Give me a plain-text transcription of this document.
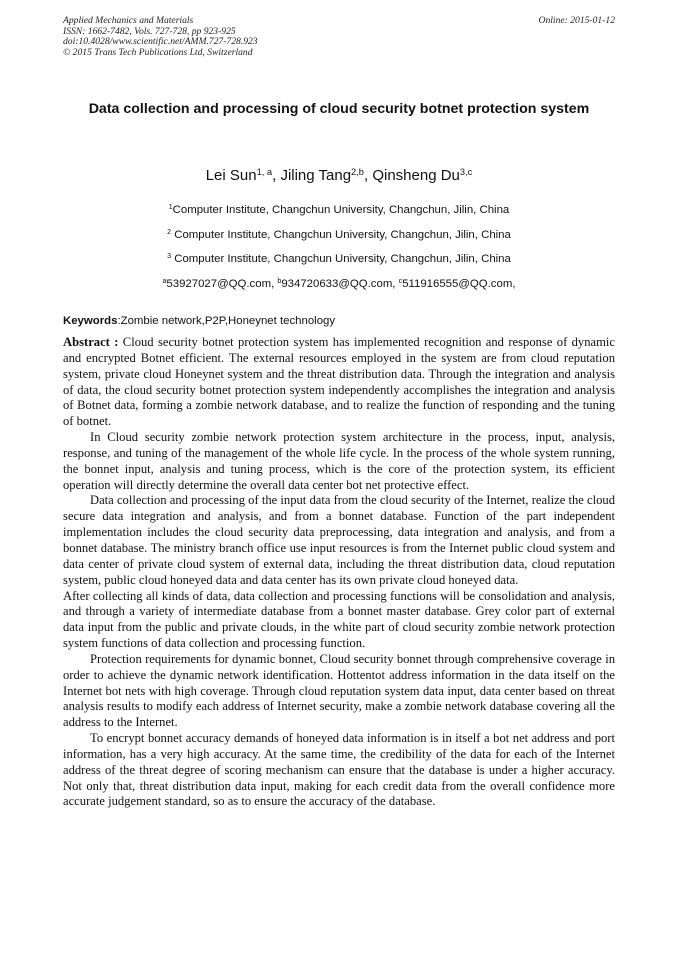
Applied Mechanics and Materials	Online: 2015-01-12
ISSN: 1662-7482, Vols. 727-728, pp 923-925
doi:10.4028/www.scientific.net/AMM.727-728.923
© 2015 Trans Tech Publications Ltd, Switzerland
Data collection and processing of cloud security botnet protection system
Lei Sun$^{1, a}$, Jiling Tang$^{2,b}$, Qinsheng Du$^{3,c}$
$^1$Computer Institute, Changchun University, Changchun, Jilin, China
$^2$ Computer Institute, Changchun University, Changchun, Jilin, China
$^3$ Computer Institute, Changchun University, Changchun, Jilin, China
$^a$53927027@QQ.com, $^b$934720633@QQ.com, $^c$511916555@QQ.com,
Keywords:Zombie network,P2P,Honeynet technology

Abstract : Cloud security botnet protection system has implemented recognition and response of dynamic and encrypted Botnet efficient. The external resources employed in the system are from cloud reputation system, private cloud Honeynet system and the threat distribution data. Through the integration and analysis of data, the cloud security botnet protection system independently accomplishes the integration and analysis of Botnet data, forming a zombie network database, and to realize the function of responding and the tuning of botnet.

In Cloud security zombie network protection system architecture in the process, input, analysis, response, and tuning of the management of the whole life cycle. In the process of the whole system running, the bonnet input, analysis and tuning process, which is the core of the protection system, its efficient operation will directly determine the overall data center bot net protective effect.

Data collection and processing of the input data from the cloud security of the Internet, realize the cloud secure data integration and analysis, and from a bonnet database. Function of the part independent implementation includes the cloud security data preprocessing, data integration and analysis, and from a bonnet database. The ministry branch office use input resources is from the Internet public cloud system and data center of private cloud system of external data, including the threat distribution data, cloud reputation system, public cloud honeyed data and data center has its own private cloud honeyed data.

After collecting all kinds of data, data collection and processing functions will be consolidation and analysis, and through a variety of intermediate database from a bonnet master database. Grey color part of external data input from the public and private clouds, in the white part of cloud security zombie network protection system functions of data collection and processing function.

Protection requirements for dynamic bonnet, Cloud security bonnet through comprehensive coverage in order to achieve the dynamic network identification. Hottentot address information in the data itself on the Internet bot nets with high coverage. Through cloud reputation system data input, data center based on threat analysis results to modify each address of Internet security, make a zombie network database covering all the address to the Internet.

To encrypt bonnet accuracy demands of honeyed data information is in itself a bot net address and port information, has a very high accuracy. At the same time, the credibility of the data for each of the Internet address of the threat degree of scoring mechanism can ensure that the database is under a higher accuracy. Not only that, threat distribution data input, making for each credit data from the overall confidence more accurate judgement standard, so as to ensure the accuracy of the database.
